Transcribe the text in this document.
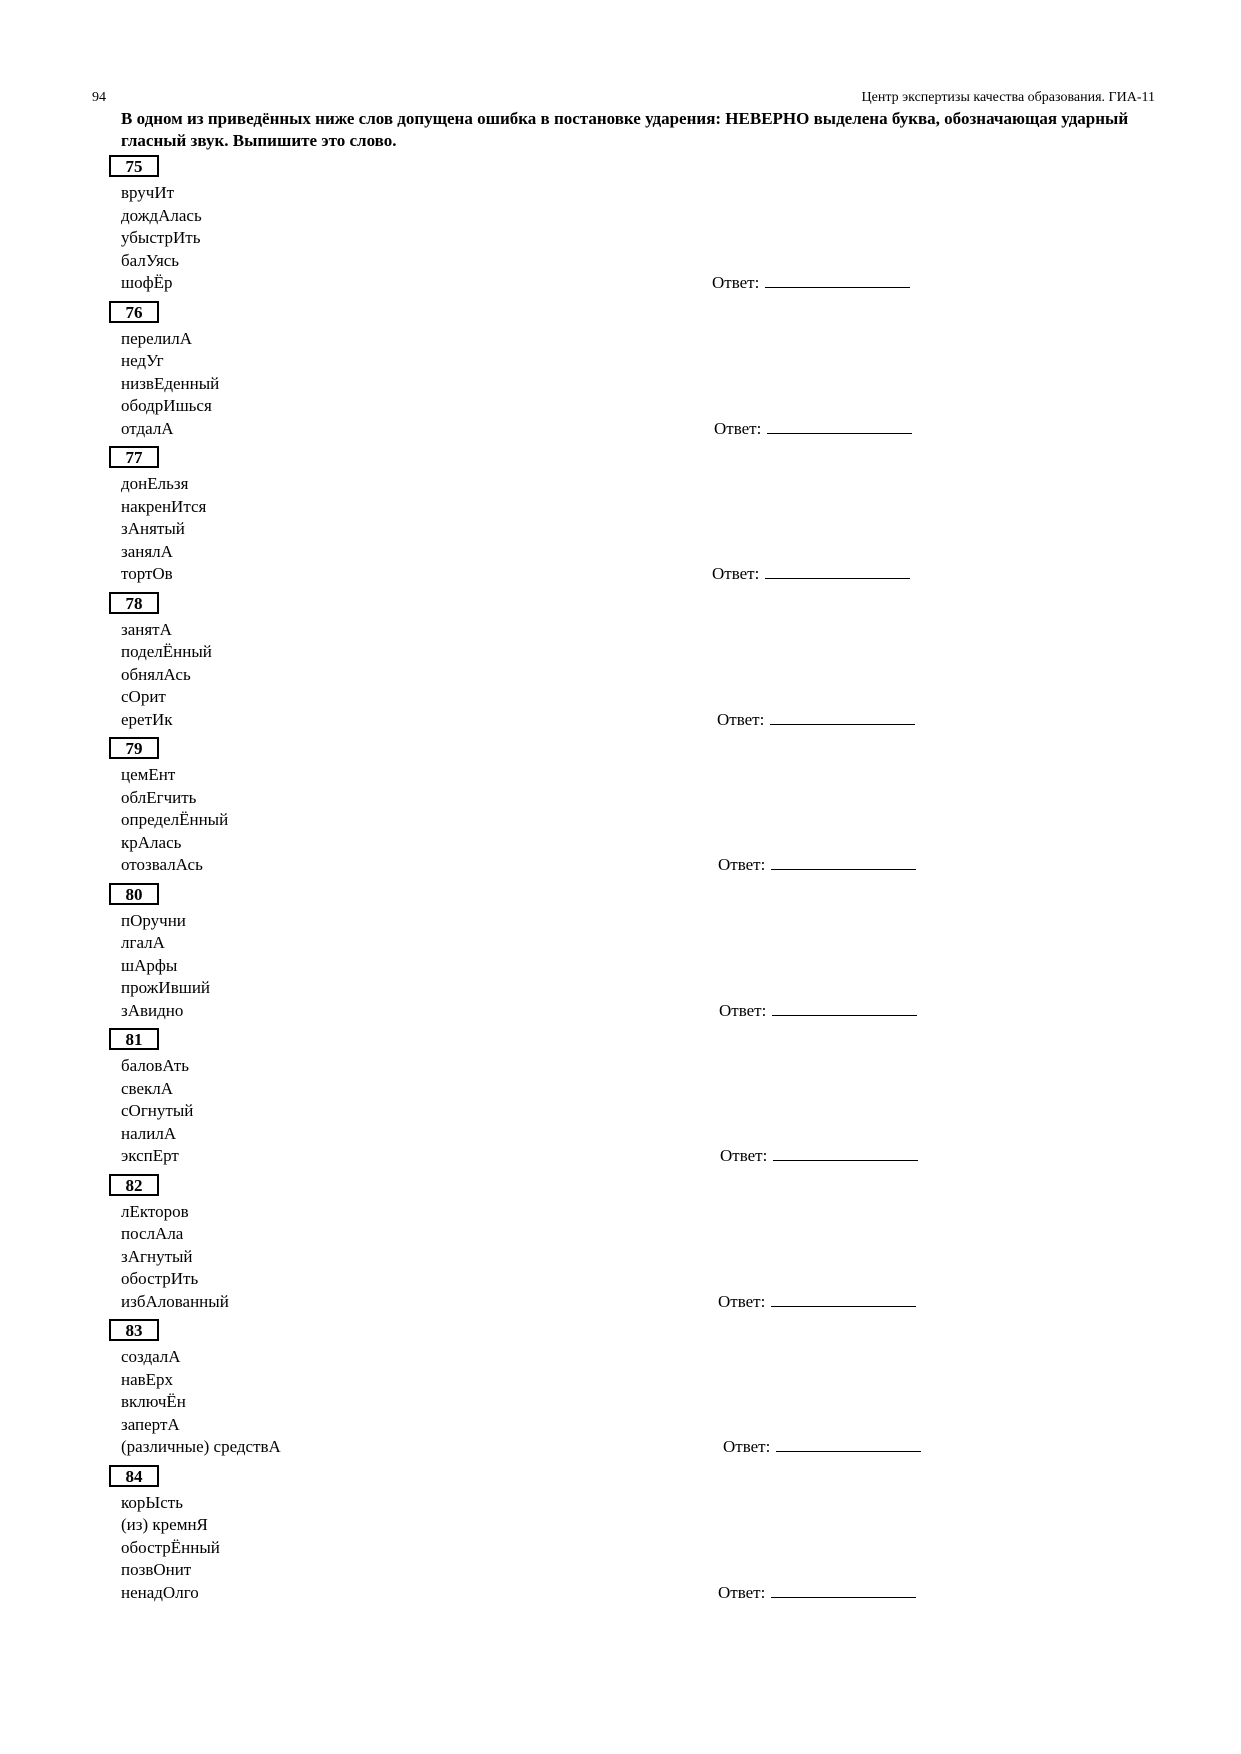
94	Центр экспертизы качества образования. ГИА-11
В одном из приведённых ниже слов допущена ошибка в постановке ударения: НЕВЕРНО выделена буква, обозначающая ударный гласный звук. Выпишите это слово.
75
вручИт
дождАлась
убыстрИть
балУясь
шофЁр	Ответ:
76
перелилА
недУг
низвЕденный
ободрИшься
отдалА	Ответ:
77
донЕльзя
накренИтся
зАнятый
занялА
тортОв	Ответ:
78
занятА
поделЁнный
обнялАсь
сОрит
еретИк	Ответ:
79
цемЕнт
облЕгчить
определЁнный
крАлась
отозвалАсь	Ответ:
80
пОручни
лгалА
шАрфы
прожИвший
зАвидно	Ответ:
81
баловАть
свеклА
сОгнутый
налилА
экспЕрт	Ответ:
82
лЕкторов
послАла
зАгнутый
обострИть
избАлованный	Ответ:
83
создалА
навЕрх
включЁн
запертА
(различные) средствА	Ответ:
84
корЫсть
(из) кремнЯ
обострЁнный
позвОнит
ненадОлго	Ответ:
